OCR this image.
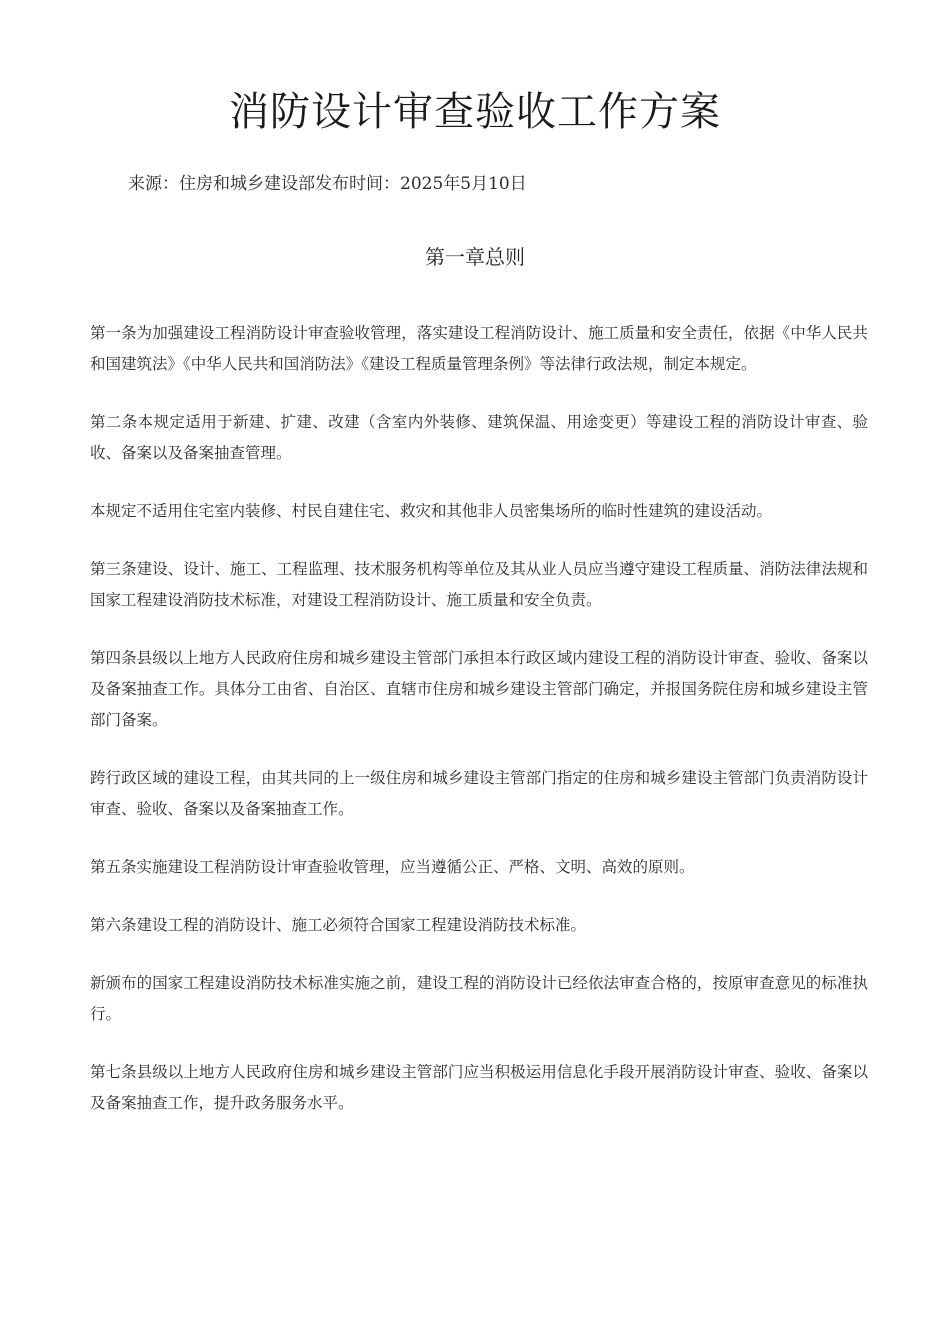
消防设计审查验收工作方案

来源：住房和城乡建设部发布时间：2025年5月10日

第一章总则

第一条为加强建设工程消防设计审查验收管理，落实建设工程消防设计、施工质量和安全责任，依据《中华人民共和国建筑法》《中华人民共和国消防法》《建设工程质量管理条例》等法律行政法规，制定本规定。

第二条本规定适用于新建、扩建、改建（含室内外装修、建筑保温、用途变更）等建设工程的消防设计审查、验收、备案以及备案抽查管理。

本规定不适用住宅室内装修、村民自建住宅、救灾和其他非人员密集场所的临时性建筑的建设活动。

第三条建设、设计、施工、工程监理、技术服务机构等单位及其从业人员应当遵守建设工程质量、消防法律法规和国家工程建设消防技术标准，对建设工程消防设计、施工质量和安全负责。

第四条县级以上地方人民政府住房和城乡建设主管部门承担本行政区域内建设工程的消防设计审查、验收、备案以及备案抽查工作。具体分工由省、自治区、直辖市住房和城乡建设主管部门确定，并报国务院住房和城乡建设主管部门备案。

跨行政区域的建设工程，由其共同的上一级住房和城乡建设主管部门指定的住房和城乡建设主管部门负责消防设计审查、验收、备案以及备案抽查工作。

第五条实施建设工程消防设计审查验收管理，应当遵循公正、严格、文明、高效的原则。

第六条建设工程的消防设计、施工必须符合国家工程建设消防技术标准。

新颁布的国家工程建设消防技术标准实施之前，建设工程的消防设计已经依法审查合格的，按原审查意见的标准执行。

第七条县级以上地方人民政府住房和城乡建设主管部门应当积极运用信息化手段开展消防设计审查、验收、备案以及备案抽查工作，提升政务服务水平。
